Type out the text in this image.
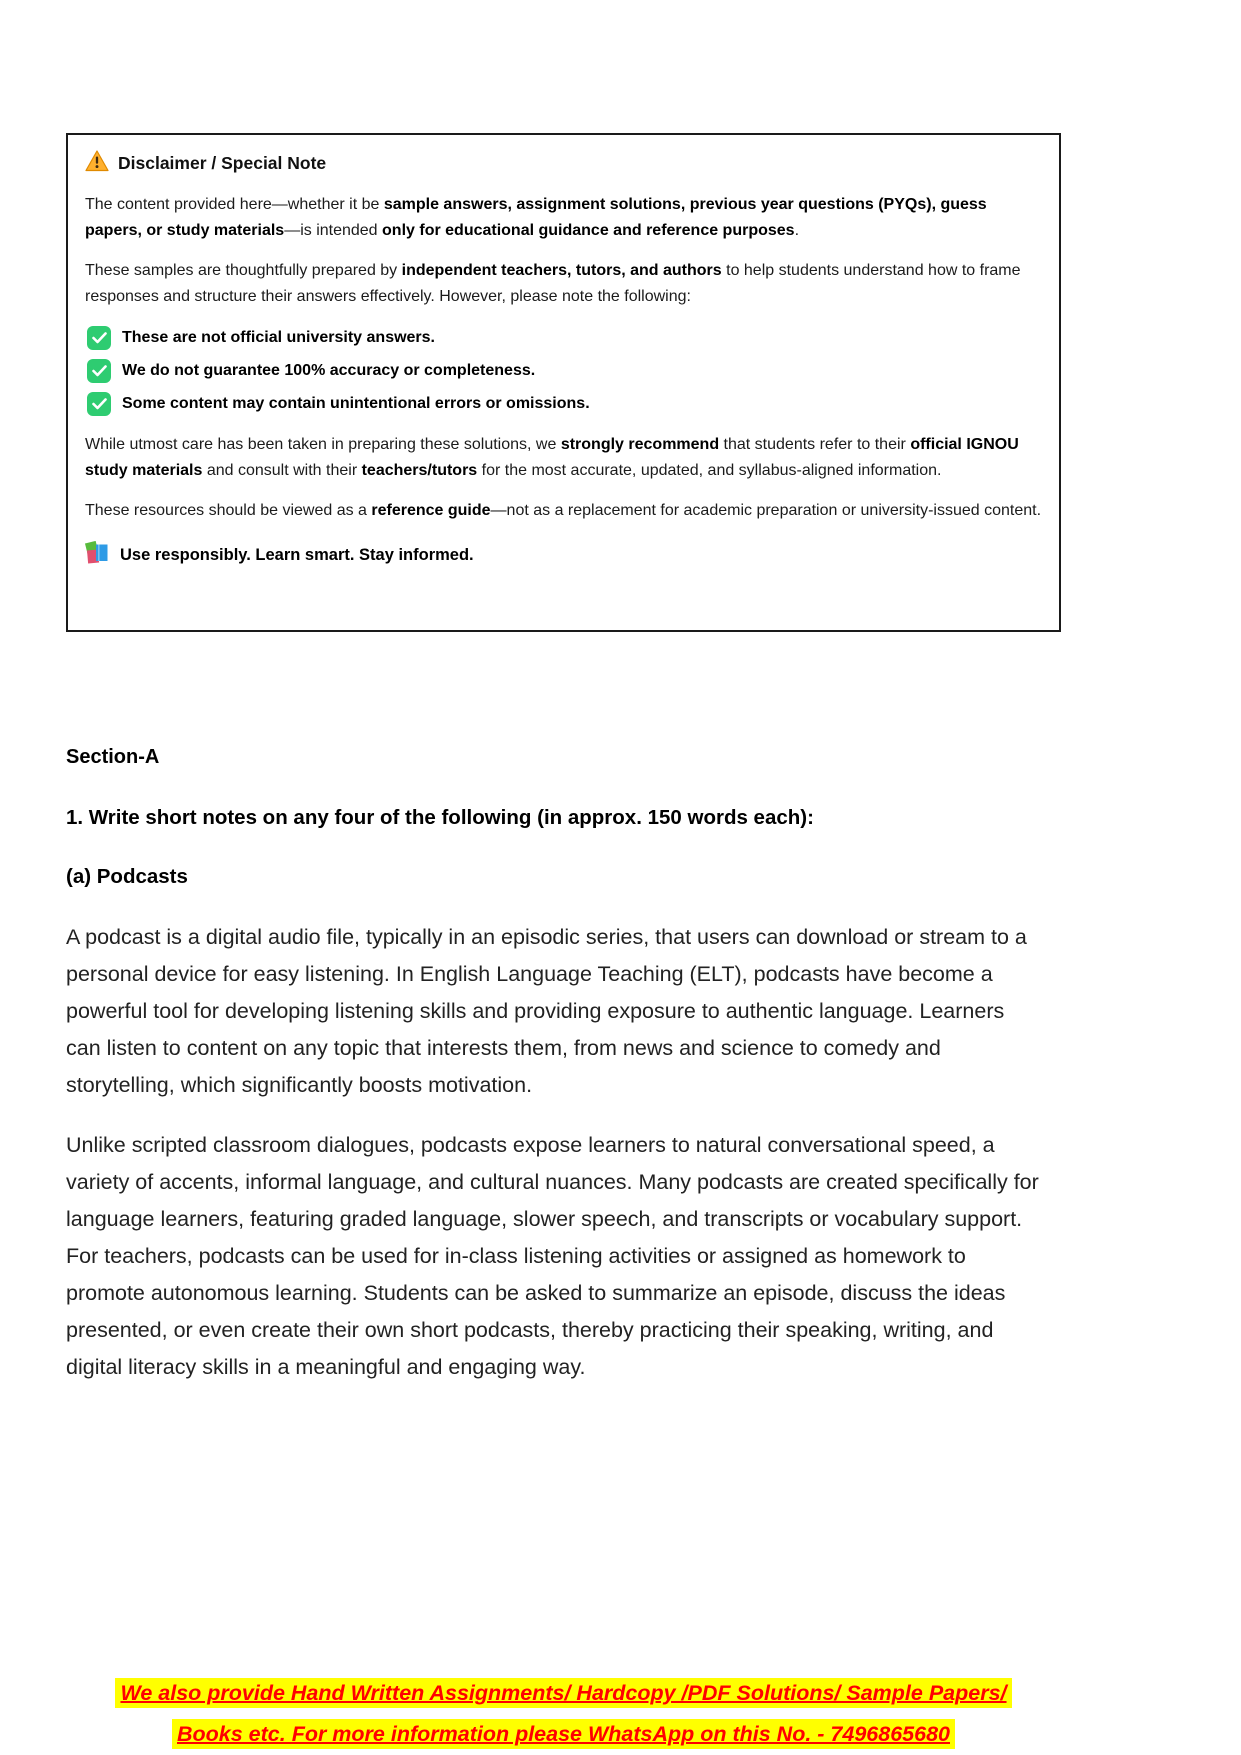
Disclaimer / Special Note

The content provided here—whether it be sample answers, assignment solutions, previous year questions (PYQs), guess papers, or study materials—is intended only for educational guidance and reference purposes.

These samples are thoughtfully prepared by independent teachers, tutors, and authors to help students understand how to frame responses and structure their answers effectively. However, please note the following:

These are not official university answers.
We do not guarantee 100% accuracy or completeness.
Some content may contain unintentional errors or omissions.

While utmost care has been taken in preparing these solutions, we strongly recommend that students refer to their official IGNOU study materials and consult with their teachers/tutors for the most accurate, updated, and syllabus-aligned information.

These resources should be viewed as a reference guide—not as a replacement for academic preparation or university-issued content.

Use responsibly. Learn smart. Stay informed.
Section-A
1. Write short notes on any four of the following (in approx. 150 words each):
(a) Podcasts

A podcast is a digital audio file, typically in an episodic series, that users can download or stream to a personal device for easy listening. In English Language Teaching (ELT), podcasts have become a powerful tool for developing listening skills and providing exposure to authentic language. Learners can listen to content on any topic that interests them, from news and science to comedy and storytelling, which significantly boosts motivation.

Unlike scripted classroom dialogues, podcasts expose learners to natural conversational speed, a variety of accents, informal language, and cultural nuances. Many podcasts are created specifically for language learners, featuring graded language, slower speech, and transcripts or vocabulary support. For teachers, podcasts can be used for in-class listening activities or assigned as homework to promote autonomous learning. Students can be asked to summarize an episode, discuss the ideas presented, or even create their own short podcasts, thereby practicing their speaking, writing, and digital literacy skills in a meaningful and engaging way.

We also provide Hand Written Assignments/ Hardcopy /PDF Solutions/ Sample Papers/
Books etc. For more information please WhatsApp on this No. - 7496865680
